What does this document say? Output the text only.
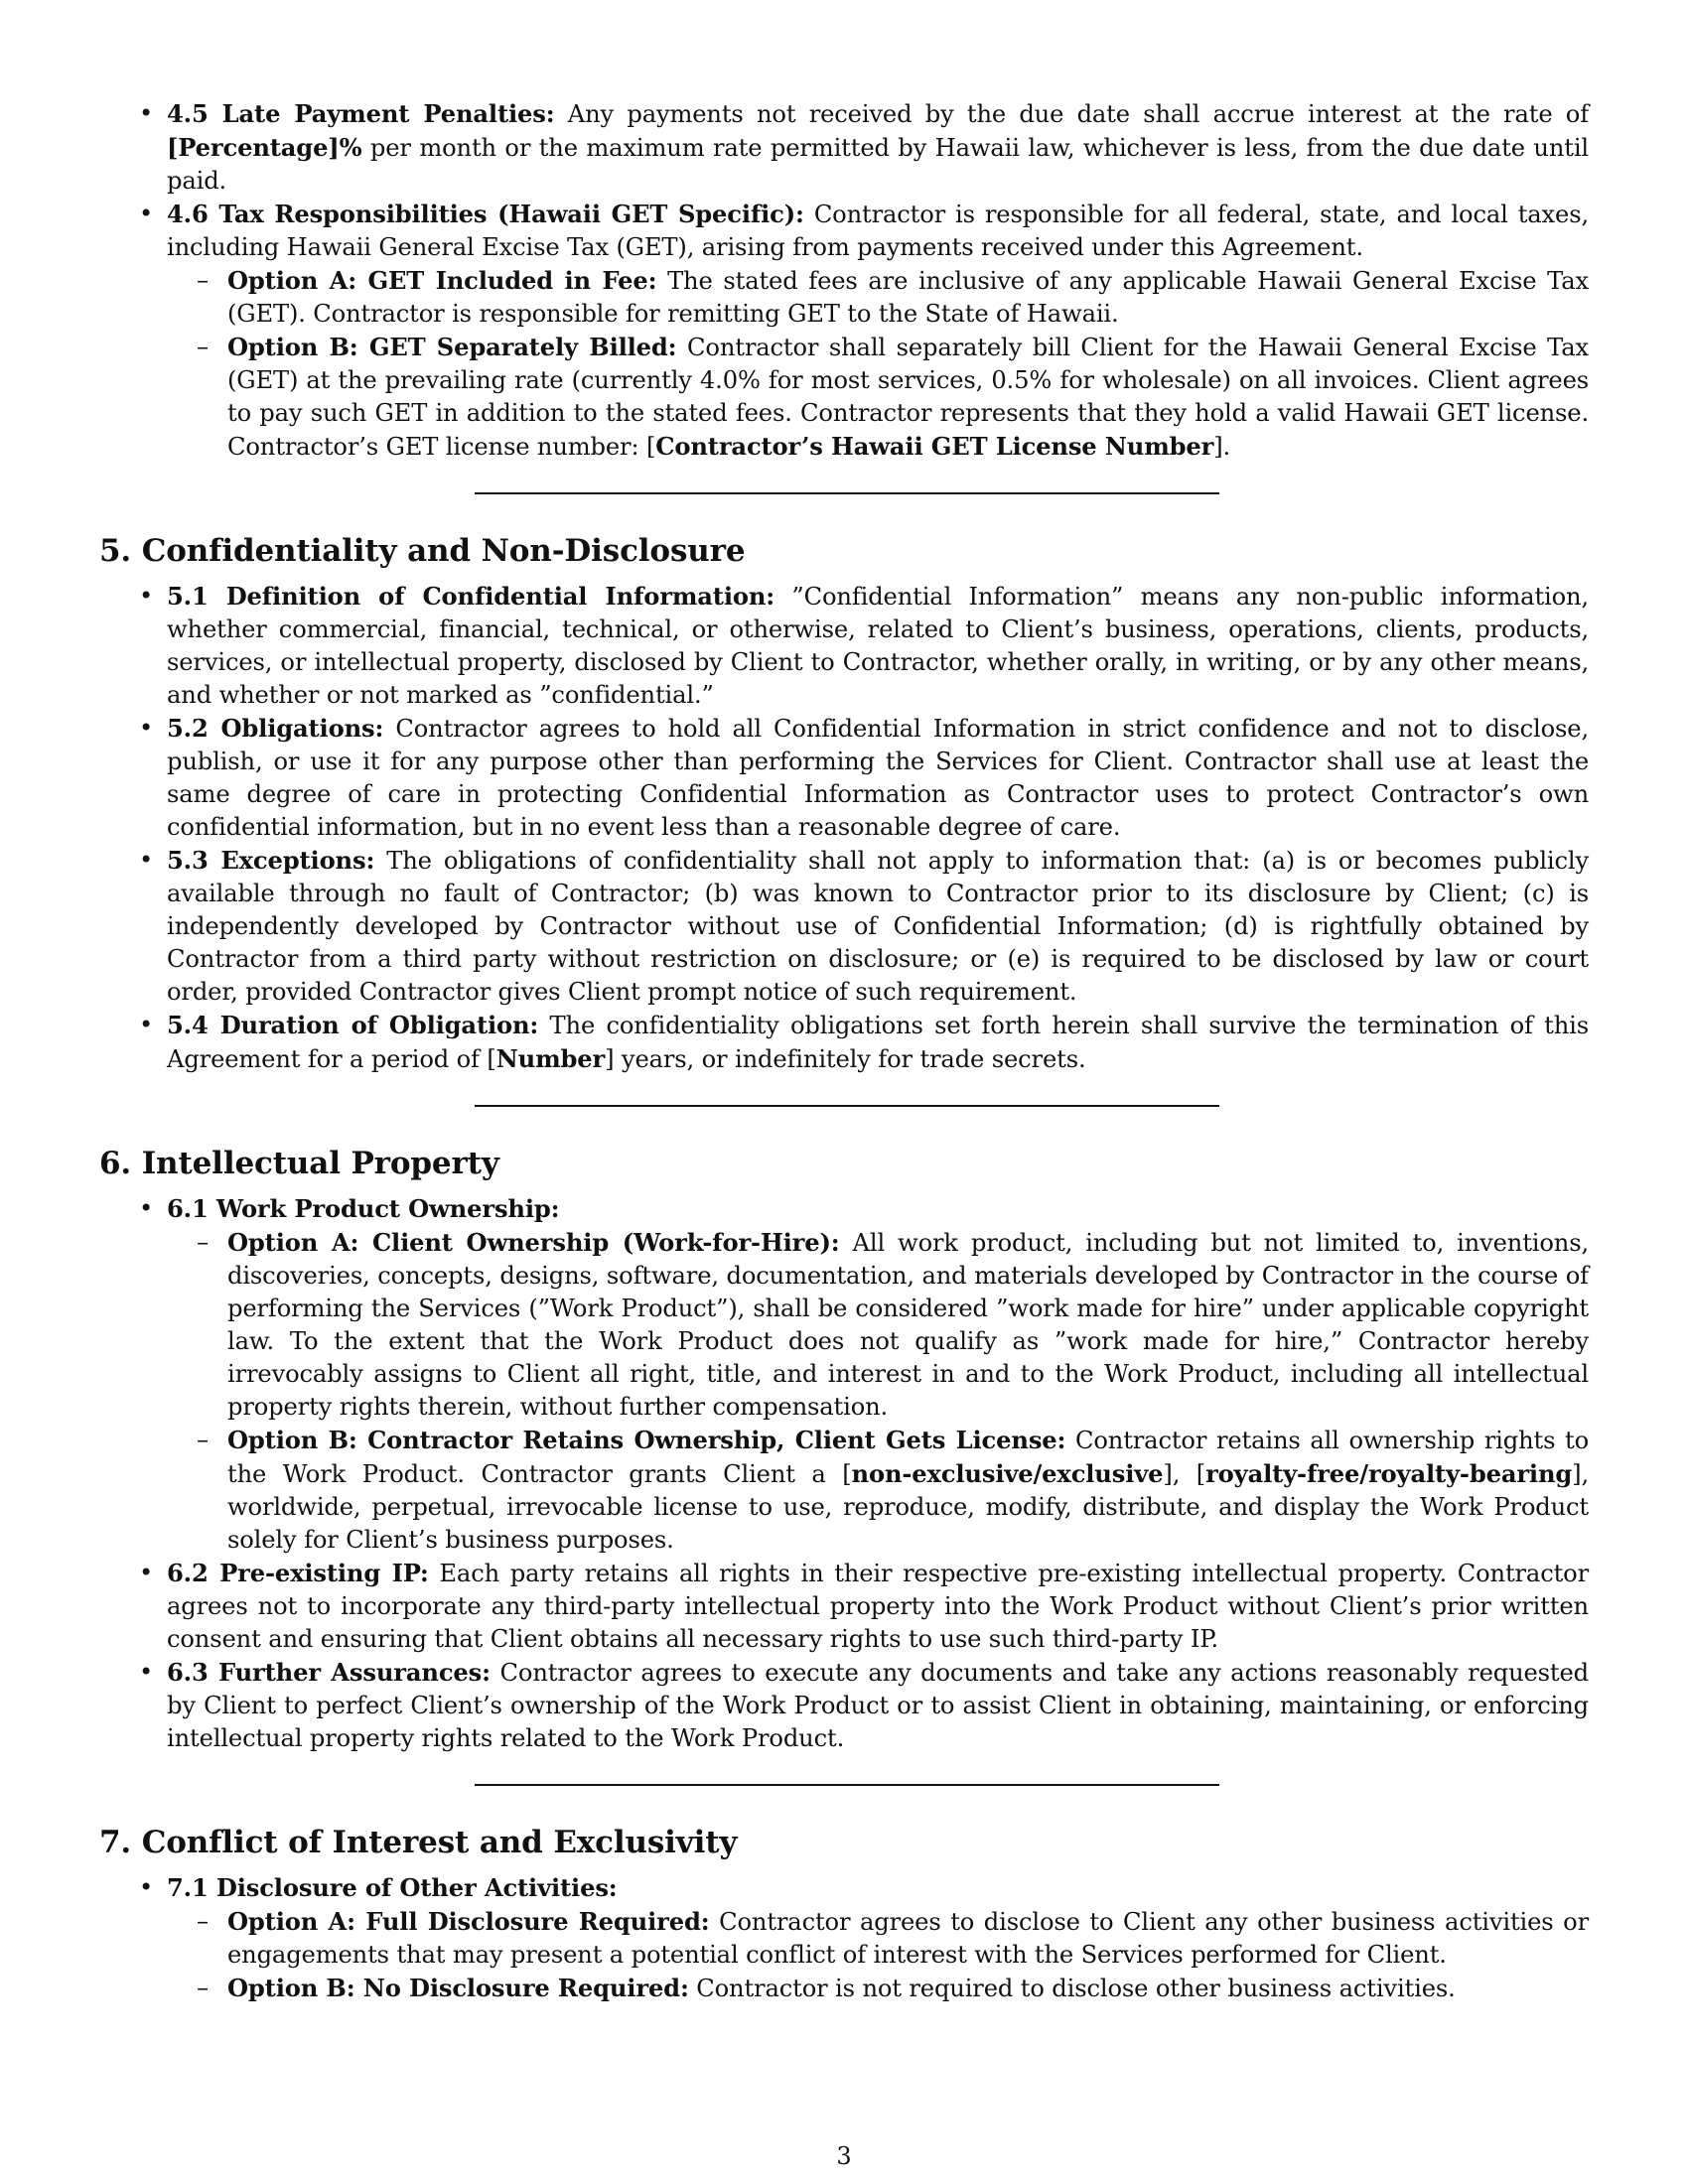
• 4.5 Late Payment Penalties: Any payments not received by the due date shall accrue interest at the rate of [Percentage]% per month or the maximum rate permitted by Hawaii law, whichever is less, from the due date until paid.
• 4.6 Tax Responsibilities (Hawaii GET Specific): Contractor is responsible for all federal, state, and local taxes, including Hawaii General Excise Tax (GET), arising from payments received under this Agreement.
– Option A: GET Included in Fee: The stated fees are inclusive of any applicable Hawaii General Excise Tax (GET). Contractor is responsible for remitting GET to the State of Hawaii.
– Option B: GET Separately Billed: Contractor shall separately bill Client for the Hawaii General Excise Tax (GET) at the prevailing rate (currently 4.0% for most services, 0.5% for wholesale) on all invoices. Client agrees to pay such GET in addition to the stated fees. Contractor represents that they hold a valid Hawaii GET license. Contractor’s GET license number: [Contractor’s Hawaii GET License Number].
5. Confidentiality and Non-Disclosure
• 5.1 Definition of Confidential Information: ”Confidential Information” means any non-public information, whether commercial, financial, technical, or otherwise, related to Client’s business, operations, clients, products, services, or intellectual property, disclosed by Client to Contractor, whether orally, in writing, or by any other means, and whether or not marked as ”confidential.”
• 5.2 Obligations: Contractor agrees to hold all Confidential Information in strict confidence and not to disclose, publish, or use it for any purpose other than performing the Services for Client. Contractor shall use at least the same degree of care in protecting Confidential Information as Contractor uses to protect Contractor’s own confidential information, but in no event less than a reasonable degree of care.
• 5.3 Exceptions: The obligations of confidentiality shall not apply to information that: (a) is or becomes publicly available through no fault of Contractor; (b) was known to Contractor prior to its disclosure by Client; (c) is independently developed by Contractor without use of Confidential Information; (d) is rightfully obtained by Contractor from a third party without restriction on disclosure; or (e) is required to be disclosed by law or court order, provided Contractor gives Client prompt notice of such requirement.
• 5.4 Duration of Obligation: The confidentiality obligations set forth herein shall survive the termination of this Agreement for a period of [Number] years, or indefinitely for trade secrets.
6. Intellectual Property
• 6.1 Work Product Ownership:
– Option A: Client Ownership (Work-for-Hire): All work product, including but not limited to, inventions, discoveries, concepts, designs, software, documentation, and materials developed by Contractor in the course of performing the Services (”Work Product”), shall be considered ”work made for hire” under applicable copyright law. To the extent that the Work Product does not qualify as ”work made for hire,” Contractor hereby irrevocably assigns to Client all right, title, and interest in and to the Work Product, including all intellectual property rights therein, without further compensation.
– Option B: Contractor Retains Ownership, Client Gets License: Contractor retains all ownership rights to the Work Product. Contractor grants Client a [non-exclusive/exclusive], [royalty-free/royalty-bearing], worldwide, perpetual, irrevocable license to use, reproduce, modify, distribute, and display the Work Product solely for Client’s business purposes.
• 6.2 Pre-existing IP: Each party retains all rights in their respective pre-existing intellectual property. Contractor agrees not to incorporate any third-party intellectual property into the Work Product without Client’s prior written consent and ensuring that Client obtains all necessary rights to use such third-party IP.
• 6.3 Further Assurances: Contractor agrees to execute any documents and take any actions reasonably requested by Client to perfect Client’s ownership of the Work Product or to assist Client in obtaining, maintaining, or enforcing intellectual property rights related to the Work Product.
7. Conflict of Interest and Exclusivity
• 7.1 Disclosure of Other Activities:
– Option A: Full Disclosure Required: Contractor agrees to disclose to Client any other business activities or engagements that may present a potential conflict of interest with the Services performed for Client.
– Option B: No Disclosure Required: Contractor is not required to disclose other business activities.
3
